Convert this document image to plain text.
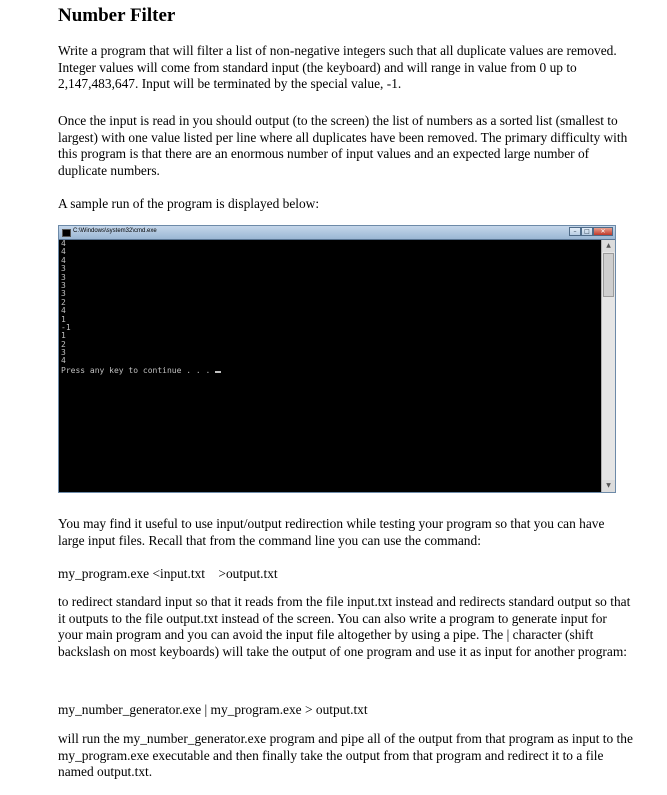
Number Filter

Write a program that will filter a list of non-negative integers such that all duplicate values are removed. Integer values will come from standard input (the keyboard) and will range in value from 0 up to 2,147,483,647. Input will be terminated by the special value, -1.

Once the input is read in you should output (to the screen) the list of numbers as a sorted list (smallest to largest) with one value listed per line where all duplicates have been removed. The primary difficulty with this program is that there are an enormous number of input values and an expected large number of duplicate numbers.

A sample run of the program is displayed below:

C:\Windows\system32\cmd.exe	–	□	✕
4
4
4
3
3
3
3
2
4
1
-1
1
2
3
4
Press any key to continue . . .
▲
▼

You may find it useful to use input/output redirection while testing your program so that you can have large input files. Recall that from the command line you can use the command:

my_program.exe <input.txt    >output.txt

to redirect standard input so that it reads from the file input.txt instead and redirects standard output so that it outputs to the file output.txt instead of the screen. You can also write a program to generate input for your main program and you can avoid the input file altogether by using a pipe. The | character (shift backslash on most keyboards) will take the output of one program and use it as input for another program:

my_number_generator.exe | my_program.exe > output.txt

will run the my_number_generator.exe program and pipe all of the output from that program as input to the my_program.exe executable and then finally take the output from that program and redirect it to a file named output.txt.
